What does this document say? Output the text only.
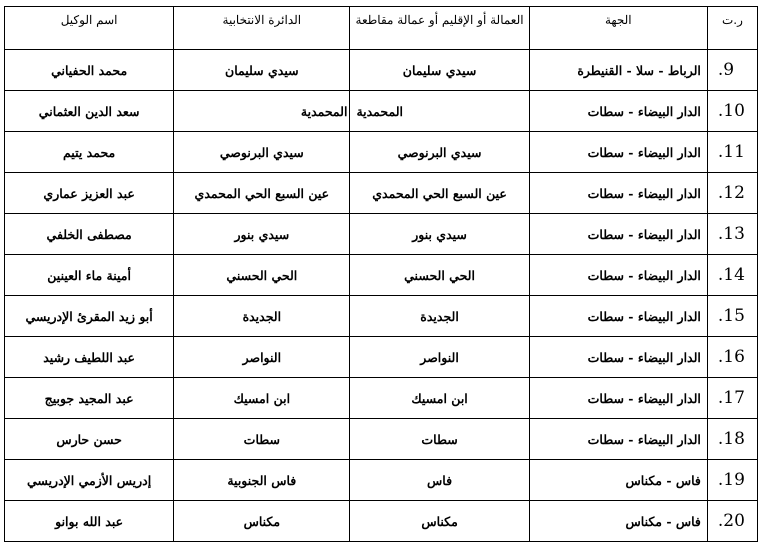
اسم الوكيل	الدائرة الانتخابية	العمالة أو الإقليم أو عمالة مقاطعة	الجهة	ر.ت
محمد الحفياني	سيدي سليمان	سيدي سليمان	الرباط - سلا - القنيطرة	.9
سعد الدين العثماني	المحمدية	المحمدية	الدار البيضاء - سطات	.10
محمد يتيم	سيدي البرنوصي	سيدي البرنوصي	الدار البيضاء - سطات	.11
عبد العزيز عماري	عين السبع الحي المحمدي	عين السبع الحي المحمدي	الدار البيضاء - سطات	.12
مصطفى الخلفي	سيدي بنور	سيدي بنور	الدار البيضاء - سطات	.13
أمينة ماء العينين	الحي الحسني	الحي الحسني	الدار البيضاء - سطات	.14
أبو زيد المقرئ الإدريسي	الجديدة	الجديدة	الدار البيضاء - سطات	.15
عبد اللطيف رشيد	النواصر	النواصر	الدار البيضاء - سطات	.16
عبد المجيد جوبيج	ابن امسيك	ابن امسيك	الدار البيضاء - سطات	.17
حسن حارس	سطات	سطات	الدار البيضاء - سطات	.18
إدريس الأزمي الإدريسي	فاس الجنوبية	فاس	فاس - مكناس	.19
عبد الله بوانو	مكناس	مكناس	فاس - مكناس	.20
